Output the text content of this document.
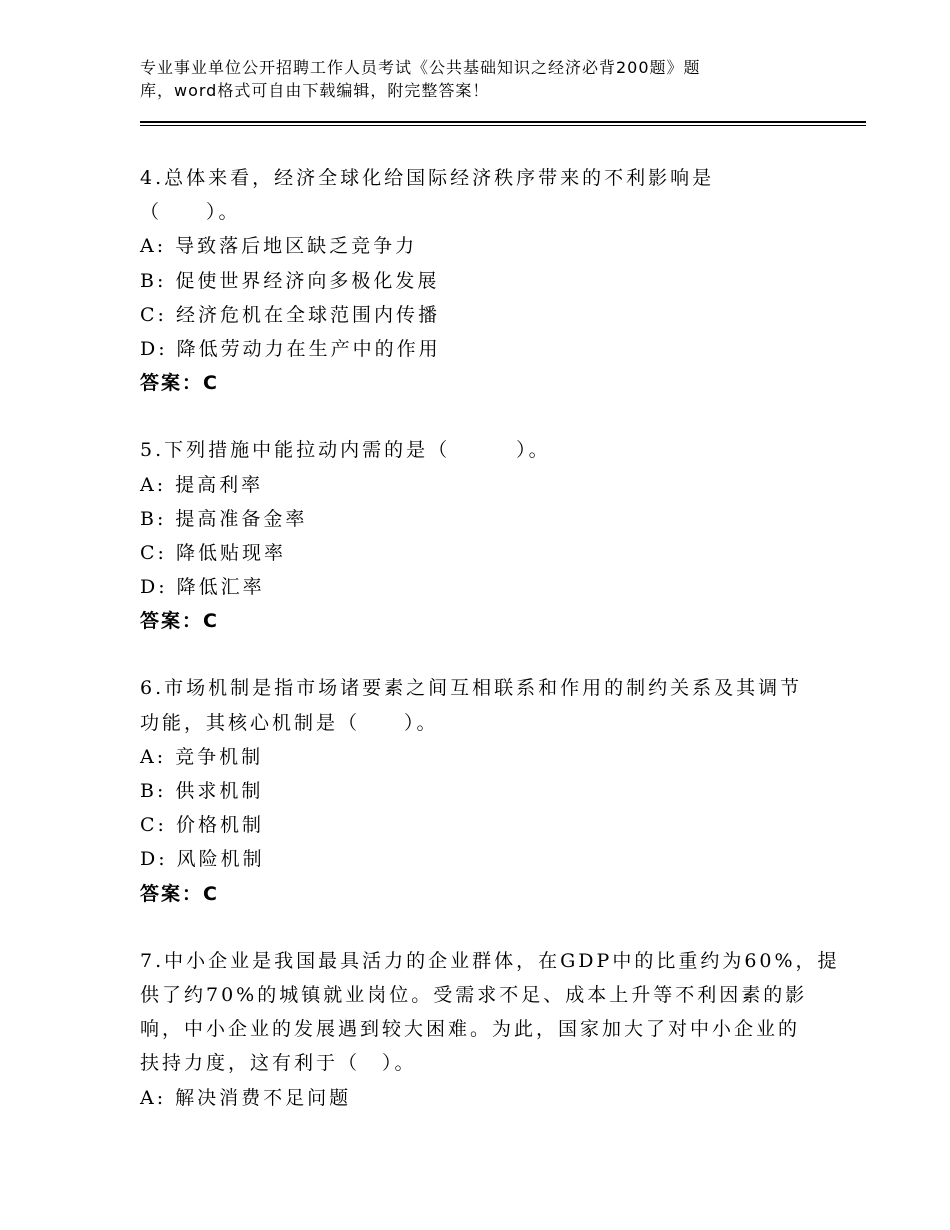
专业事业单位公开招聘工作人员考试《公共基础知识之经济必背200题》题
库，word格式可自由下载编辑，附完整答案！
4.总体来看，经济全球化给国际经济秩序带来的不利影响是
（　　）。
A: 导致落后地区缺乏竞争力
B: 促使世界经济向多极化发展
C: 经济危机在全球范围内传播
D: 降低劳动力在生产中的作用
答案：C
5.下列措施中能拉动内需的是（　　　）。
A: 提高利率
B: 提高准备金率
C: 降低贴现率
D: 降低汇率
答案：C
6.市场机制是指市场诸要素之间互相联系和作用的制约关系及其调节
功能，其核心机制是（　　）。
A: 竞争机制
B: 供求机制
C: 价格机制
D: 风险机制
答案：C
7.中小企业是我国最具活力的企业群体，在GDP中的比重约为60%，提
供了约70%的城镇就业岗位。受需求不足、成本上升等不利因素的影
响，中小企业的发展遇到较大困难。为此，国家加大了对中小企业的
扶持力度，这有利于（　）。
A: 解决消费不足问题
